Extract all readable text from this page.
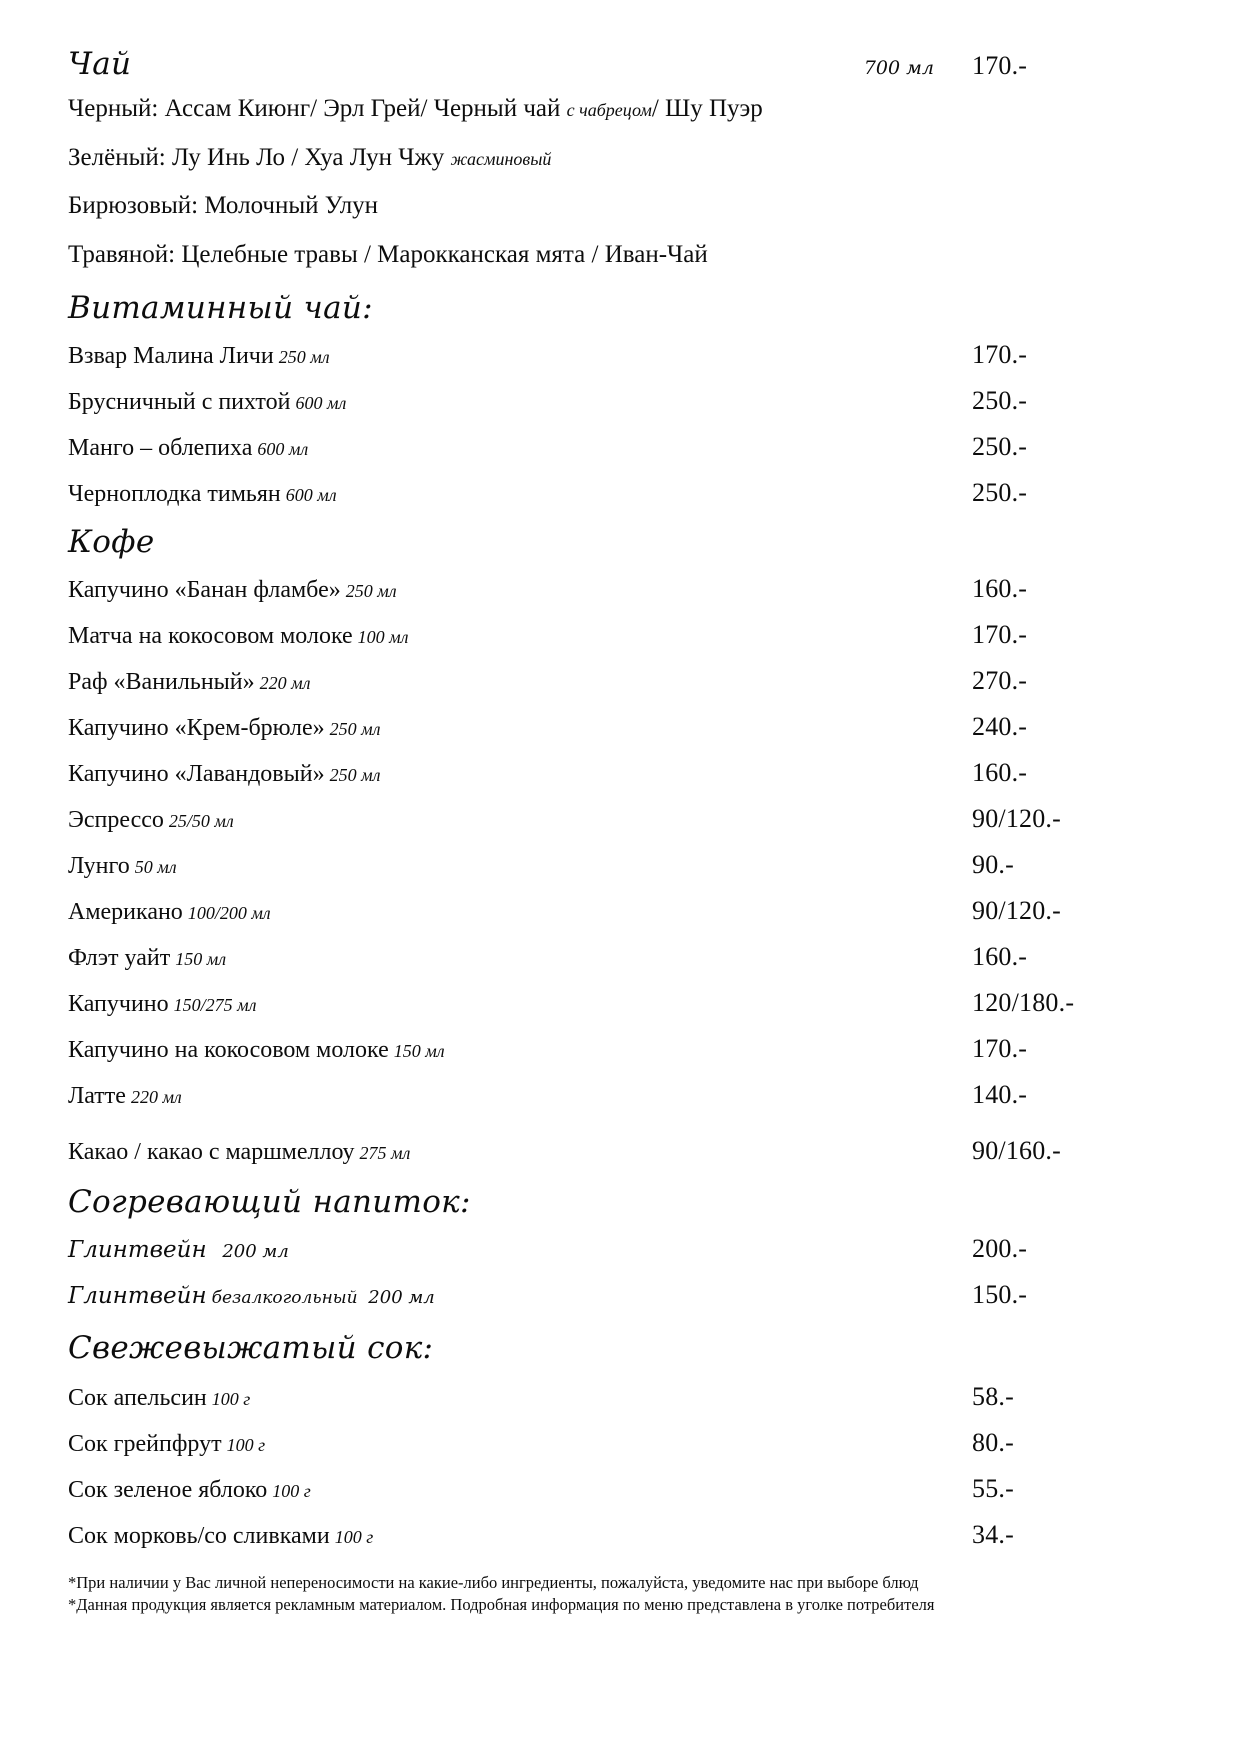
Чай	700 мл 170.-
Черный: Ассам Киюнг/ Эрл Грей/ Черный чай с чабрецом/ Шу Пуэр
Зелёный: Лу Инь Ло / Хуа Лун Чжу жасминовый
Бирюзовый: Молочный Улун
Травяной: Целебные травы / Марокканская мята / Иван-Чай
Витаминный чай:
Взвар Малина Личи 250 мл	170.-
Брусничный с пихтой 600 мл	250.-
Манго – облепиха 600 мл	250.-
Черноплодка тимьян 600 мл	250.-
Кофе
Капучино «Банан фламбе» 250 мл	160.-
Матча на кокосовом молоке 100 мл	170.-
Раф «Ванильный» 220 мл	270.-
Капучино «Крем-брюле» 250 мл	240.-
Капучино «Лавандовый» 250 мл	160.-
Эспрессо 25/50 мл	90/120.-
Лунго 50 мл	90.-
Американо 100/200 мл	90/120.-
Флэт уайт 150 мл	160.-
Капучино 150/275 мл	120/180.-
Капучино на кокосовом молоке 150 мл	170.-
Латте 220 мл	140.-
Какао / какао с маршмеллоу 275 мл	90/160.-
Согревающий напиток:
Глинтвейн 200 мл	200.-
Глинтвейн безалкогольный 200 мл	150.-
Свежевыжатый сок:
Сок апельсин 100 г	58.-
Сок грейпфрут 100 г	80.-
Сок зеленое яблоко 100 г	55.-
Сок морковь/со сливками 100 г	34.-
*При наличии у Вас личной непереносимости на какие-либо ингредиенты, пожалуйста, уведомите нас при выборе блюд
*Данная продукция является рекламным материалом. Подробная информация по меню представлена в уголке потребителя
